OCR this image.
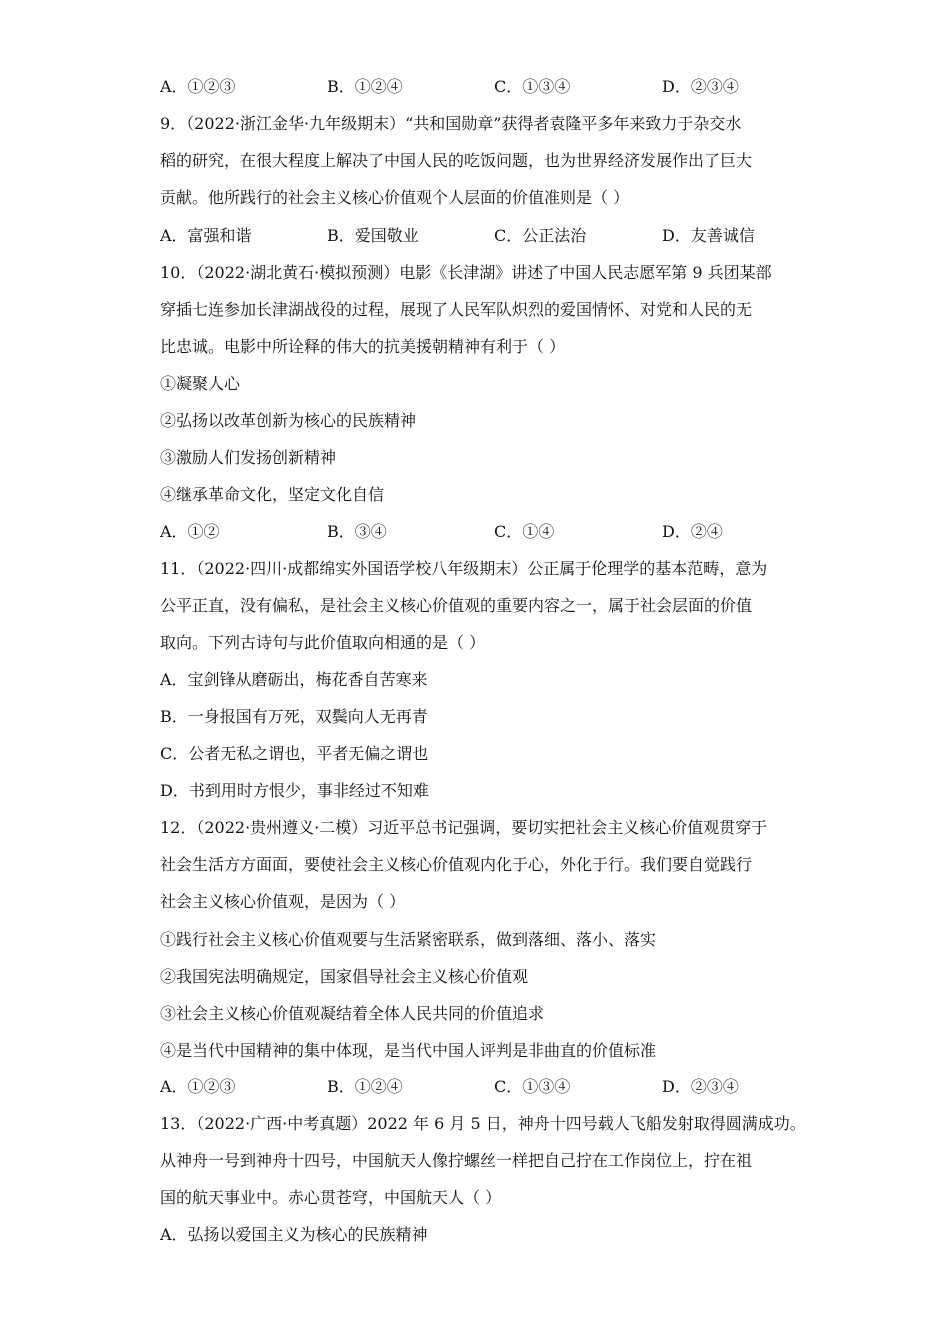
A．①②③	B．①②④	C．①③④	D．②③④
9．（2022·浙江金华·九年级期末）“共和国勋章”获得者袁隆平多年来致力于杂交水
稻的研究，在很大程度上解决了中国人民的吃饭问题，也为世界经济发展作出了巨大
贡献。他所践行的社会主义核心价值观个人层面的价值准则是（ ）
A．富强和谐	B．爱国敬业	C．公正法治	D．友善诚信
10．（2022·湖北黄石·模拟预测）电影《长津湖》讲述了中国人民志愿军第 9 兵团某部
穿插七连参加长津湖战役的过程，展现了人民军队炽烈的爱国情怀、对党和人民的无
比忠诚。电影中所诠释的伟大的抗美援朝精神有利于（ ）
①凝聚人心
②弘扬以改革创新为核心的民族精神
③激励人们发扬创新精神
④继承革命文化，坚定文化自信
A．①②	B．③④	C．①④	D．②④
11．（2022·四川·成都绵实外国语学校八年级期末）公正属于伦理学的基本范畴，意为
公平正直，没有偏私，是社会主义核心价值观的重要内容之一，属于社会层面的价值
取向。下列古诗句与此价值取向相通的是（ ）
A．宝剑锋从磨砺出，梅花香自苦寒来
B．一身报国有万死，双鬓向人无再青
C．公者无私之谓也，平者无偏之谓也
D．书到用时方恨少，事非经过不知难
12．（2022·贵州遵义·二模）习近平总书记强调，要切实把社会主义核心价值观贯穿于
社会生活方方面面，要使社会主义核心价值观内化于心，外化于行。我们要自觉践行
社会主义核心价值观，是因为（ ）
①践行社会主义核心价值观要与生活紧密联系，做到落细、落小、落实
②我国宪法明确规定，国家倡导社会主义核心价值观
③社会主义核心价值观凝结着全体人民共同的价值追求
④是当代中国精神的集中体现，是当代中国人评判是非曲直的价值标准
A．①②③	B．①②④	C．①③④	D．②③④
13．（2022·广西·中考真题）2022 年 6 月 5 日，神舟十四号载人飞船发射取得圆满成功。
从神舟一号到神舟十四号，中国航天人像拧螺丝一样把自己拧在工作岗位上，拧在祖
国的航天事业中。赤心贯苍穹，中国航天人（ ）
A．弘扬以爱国主义为核心的民族精神
